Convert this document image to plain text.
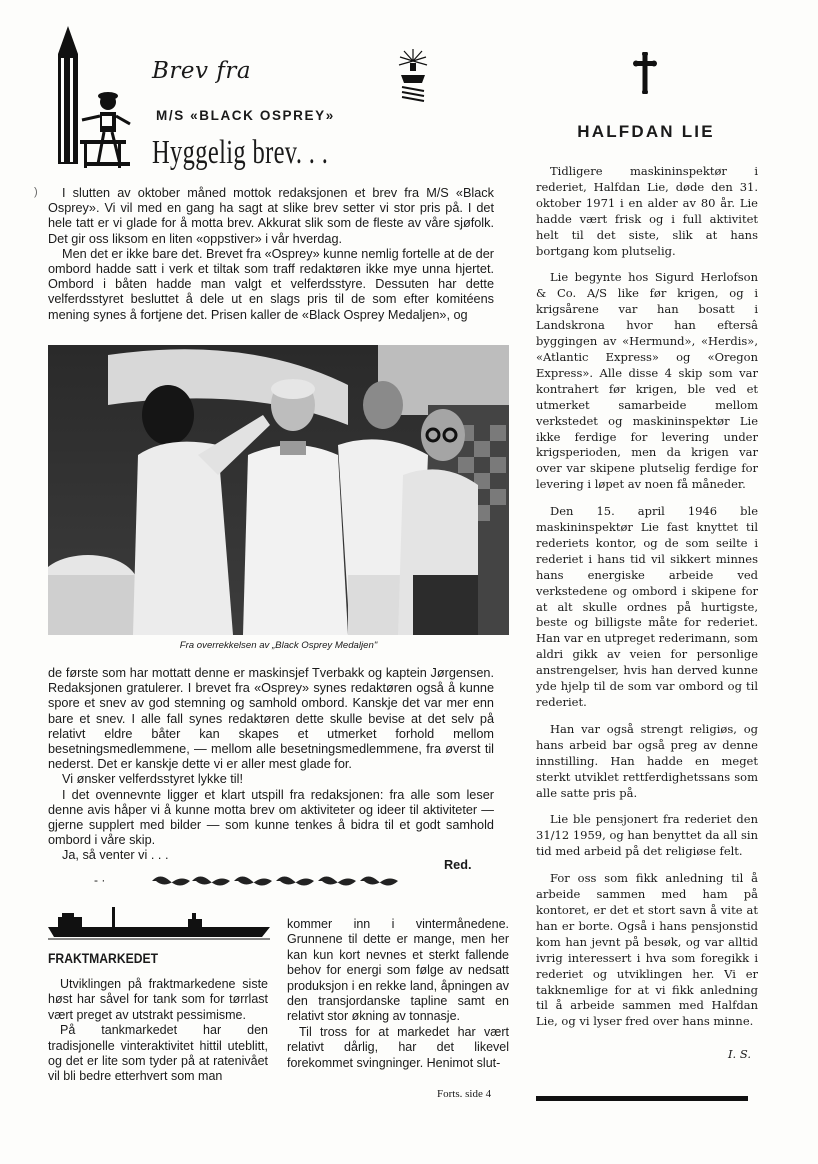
Brev fra
M/S «BLACK OSPREY»
Hyggelig brev. . .
)	I slutten av oktober måned mottok redaksjonen et brev fra M/S «Black Osprey». Vi vil med en gang ha sagt at slike brev setter vi stor pris på. I det hele tatt er vi glade for å motta brev. Akkurat slik som de fleste av våre sjøfolk. Det gir oss liksom en liten «oppstiver» i vår hverdag.

Men det er ikke bare det. Brevet fra «Osprey» kunne nemlig fortelle at de der ombord hadde satt i verk et tiltak som traff redaktøren ikke mye unna hjertet. Ombord i båten hadde man valgt et velferdsstyre. Dessuten har dette velferdsstyret besluttet å dele ut en slags pris til de som efter komitéens mening synes å fortjene det. Prisen kaller de «Black Osprey Medaljen», og

Fra overrekkelsen av „Black Osprey Medaljen"

de første som har mottatt denne er maskinsjef Tverbakk og kaptein Jørgensen. Redaksjonen gratulerer. I brevet fra «Osprey» synes redaktøren også å kunne spore et snev av god stemning og samhold ombord. Kanskje det var mer enn bare et snev. I alle fall synes redaktøren dette skulle bevise at det selv på relativt eldre båter kan skapes et utmerket forhold mellom besetningsmedlemmene, — mellom alle besetningsmedlemmene, fra øverst til nederst. Det er kanskje dette vi er aller mest glade for.

Vi ønsker velferdsstyret lykke til!

I det ovennevnte ligger et klart utspill fra redaksjonen: fra alle som leser denne avis håper vi å kunne motta brev om aktiviteter og ideer til aktiviteter — gjerne supplert med bilder — som kunne tenkes å bidra til et godt samhold ombord i våre skip.

Ja, så venter vi . . .

Red.
- ·
FRAKTMARKEDET

Utviklingen på fraktmarkedene siste høst har såvel for tank som for tørrlast vært preget av utstrakt pessimisme.

På tankmarkedet har den tradisjonelle vinteraktivitet hittil uteblitt, og det er lite som tyder på at ratenivået vil bli bedre etterhvert som man

kommer inn i vintermånedene. Grunnene til dette er mange, men her kan kun kort nevnes et sterkt fallende behov for energi som følge av nedsatt produksjon i en rekke land, åpningen av den transjordanske tapline samt en relativt stor økning av tonnasje.

Til tross for at markedet har vært relativt dårlig, har det likevel forekommet svingninger. Henimot slut-

Forts. side 4
HALFDAN LIE

Tidligere maskininspektør i rederiet, Halfdan Lie, døde den 31. oktober 1971 i en alder av 80 år. Lie hadde vært frisk og i full aktivitet helt til det siste, slik at hans bortgang kom plutselig.

Lie begynte hos Sigurd Herlofson & Co. A/S like før krigen, og i krigsårene var han bosatt i Landskrona hvor han eftersâ byggingen av «Hermund», «Herdis», «Atlantic Express» og «Oregon Express». Alle disse 4 skip som var kontrahert før krigen, ble ved et utmerket samarbeide mellom verkstedet og maskininspektør Lie ikke ferdige for levering under krigsperioden, men da krigen var over var skipene plutselig ferdige for levering i løpet av noen få måneder.

Den 15. april 1946 ble maskininspektør Lie fast knyttet til rederiets kontor, og de som seilte i rederiet i hans tid vil sikkert minnes hans energiske arbeide ved verkstedene og ombord i skipene for at alt skulle ordnes på hurtigste, beste og billigste måte for rederiet. Han var en utpreget rederimann, som aldri gikk av veien for personlige anstrengelser, hvis han derved kunne yde hjelp til de som var ombord og til rederiet.

Han var også strengt religiøs, og hans arbeid bar også preg av denne innstilling. Han hadde en meget sterkt utviklet rettferdighetssans som alle satte pris på.

Lie ble pensjonert fra rederiet den 31/12 1959, og han benyttet da all sin tid med arbeid på det religiøse felt.

For oss som fikk anledning til å arbeide sammen med ham på kontoret, er det et stort savn å vite at han er borte. Også i hans pensjonstid kom han jevnt på besøk, og var alltid ivrig interessert i hva som foregikk i rederiet og utviklingen her. Vi er takknemlige for at vi fikk anledning til å arbeide sammen med Halfdan Lie, og vi lyser fred over hans minne.

I. S.
